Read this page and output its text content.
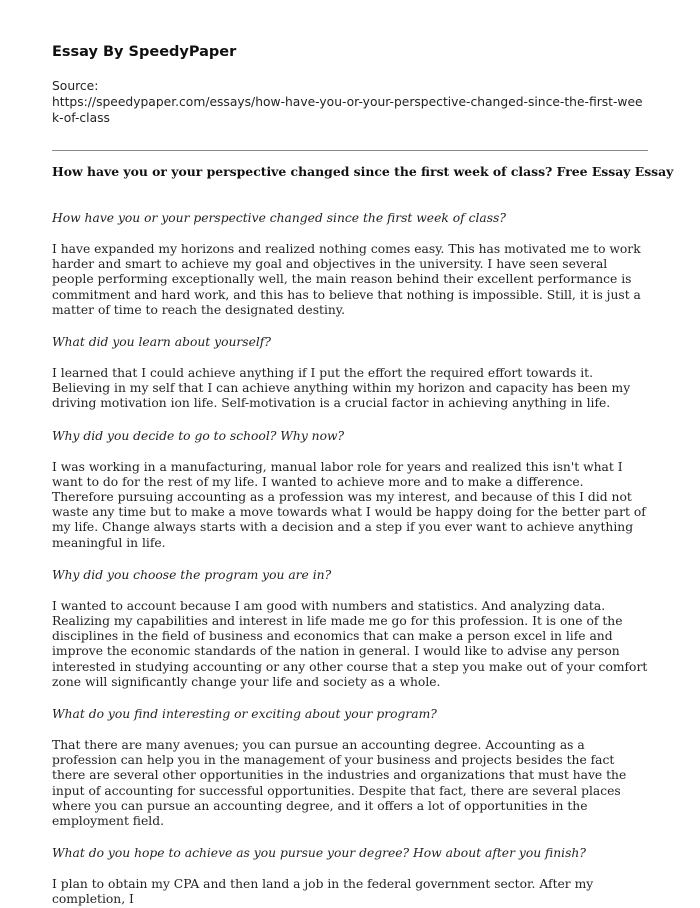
Essay By SpeedyPaper

Source:
https://speedypaper.com/essays/how-have-you-or-your-perspective-changed-since-the-first-week-of-class

How have you or your perspective changed since the first week of class? Free Essay Essay
How have you or your perspective changed since the first week of class?
I have expanded my horizons and realized nothing comes easy. This has motivated me to work harder and smart to achieve my goal and objectives in the university. I have seen several people performing exceptionally well, the main reason behind their excellent performance is commitment and hard work, and this has to believe that nothing is impossible. Still, it is just a matter of time to reach the designated destiny.
What did you learn about yourself?
I learned that I could achieve anything if I put the effort the required effort towards it. Believing in my self that I can achieve anything within my horizon and capacity has been my driving motivation ion life. Self-motivation is a crucial factor in achieving anything in life.
Why did you decide to go to school? Why now?
I was working in a manufacturing, manual labor role for years and realized this isn't what I want to do for the rest of my life. I wanted to achieve more and to make a difference. Therefore pursuing accounting as a profession was my interest, and because of this I did not waste any time but to make a move towards what I would be happy doing for the better part of my life. Change always starts with a decision and a step if you ever want to achieve anything meaningful in life.
Why did you choose the program you are in?
I wanted to account because I am good with numbers and statistics. And analyzing data. Realizing my capabilities and interest in life made me go for this profession. It is one of the disciplines in the field of business and economics that can make a person excel in life and improve the economic standards of the nation in general. I would like to advise any person interested in studying accounting or any other course that a step you make out of your comfort zone will significantly change your life and society as a whole.
What do you find interesting or exciting about your program?
That there are many avenues; you can pursue an accounting degree. Accounting as a profession can help you in the management of your business and projects besides the fact there are several other opportunities in the industries and organizations that must have the input of accounting for successful opportunities. Despite that fact, there are several places where you can pursue an accounting degree, and it offers a lot of opportunities in the employment field.
What do you hope to achieve as you pursue your degree? How about after you finish?
I plan to obtain my CPA and then land a job in the federal government sector. After my completion, I
